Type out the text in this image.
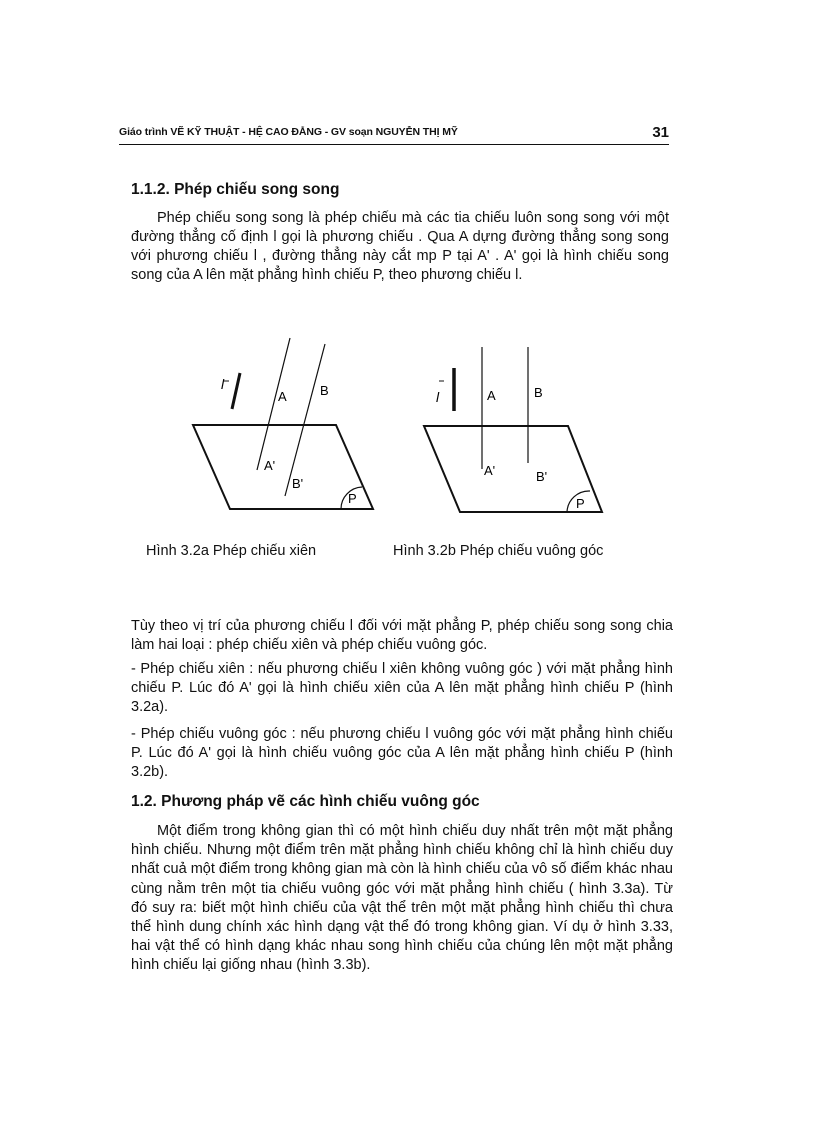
Giáo trình VẼ KỸ THUẬT - HỆ CAO ĐẲNG - GV soạn NGUYỄN THỊ MỸ	31
1.1.2. Phép chiếu song song

Phép chiếu song song là phép chiếu mà các tia chiếu luôn song song với một đường thẳng cố định l gọi là phương chiếu . Qua A dựng đường thẳng song song với phương chiếu l , đường thẳng này cắt mp P tại A' . A' gọi là hình chiếu song song của A lên mặt phẳng hình chiếu P, theo phương chiếu l.

l
A	B
A'
B'
P
l	A	B
A'	B'
P

Hình 3.2a Phép chiếu xiên	Hình 3.2b Phép chiếu vuông góc

Tùy theo vị trí của phương chiếu l đối với mặt phẳng P, phép chiếu song song chia làm hai loại : phép chiếu xiên và phép chiếu vuông góc.

- Phép chiếu xiên : nếu phương chiếu l xiên không vuông góc ) với mặt phẳng hình chiếu P. Lúc đó A' gọi là hình chiếu xiên của A lên mặt phẳng hình chiếu P (hình 3.2a).

- Phép chiếu vuông góc : nếu phương chiếu l vuông góc với mặt phẳng hình chiếu P. Lúc đó A' gọi là hình chiếu vuông góc của A lên mặt phẳng hình chiếu P (hình 3.2b).

1.2. Phương pháp vẽ các hình chiếu vuông góc

Một điểm trong không gian thì có một hình chiếu duy nhất trên một mặt phẳng hình chiếu. Nhưng một điểm trên mặt phẳng hình chiếu không chỉ là hình chiếu duy nhất cuả một điểm trong không gian mà còn là hình chiếu của vô số điểm khác nhau cùng nằm trên một tia chiếu vuông góc với mặt phẳng hình chiếu ( hình 3.3a). Từ đó suy ra: biết một hình chiếu của vật thể trên một mặt phẳng hình chiếu thì chưa thể hình dung chính xác hình dạng vật thể đó trong không gian. Ví dụ ở hình 3.33, hai vật thể có hình dạng khác nhau song hình chiếu của chúng lên một mặt phẳng hình chiếu lại giống nhau (hình 3.3b).
